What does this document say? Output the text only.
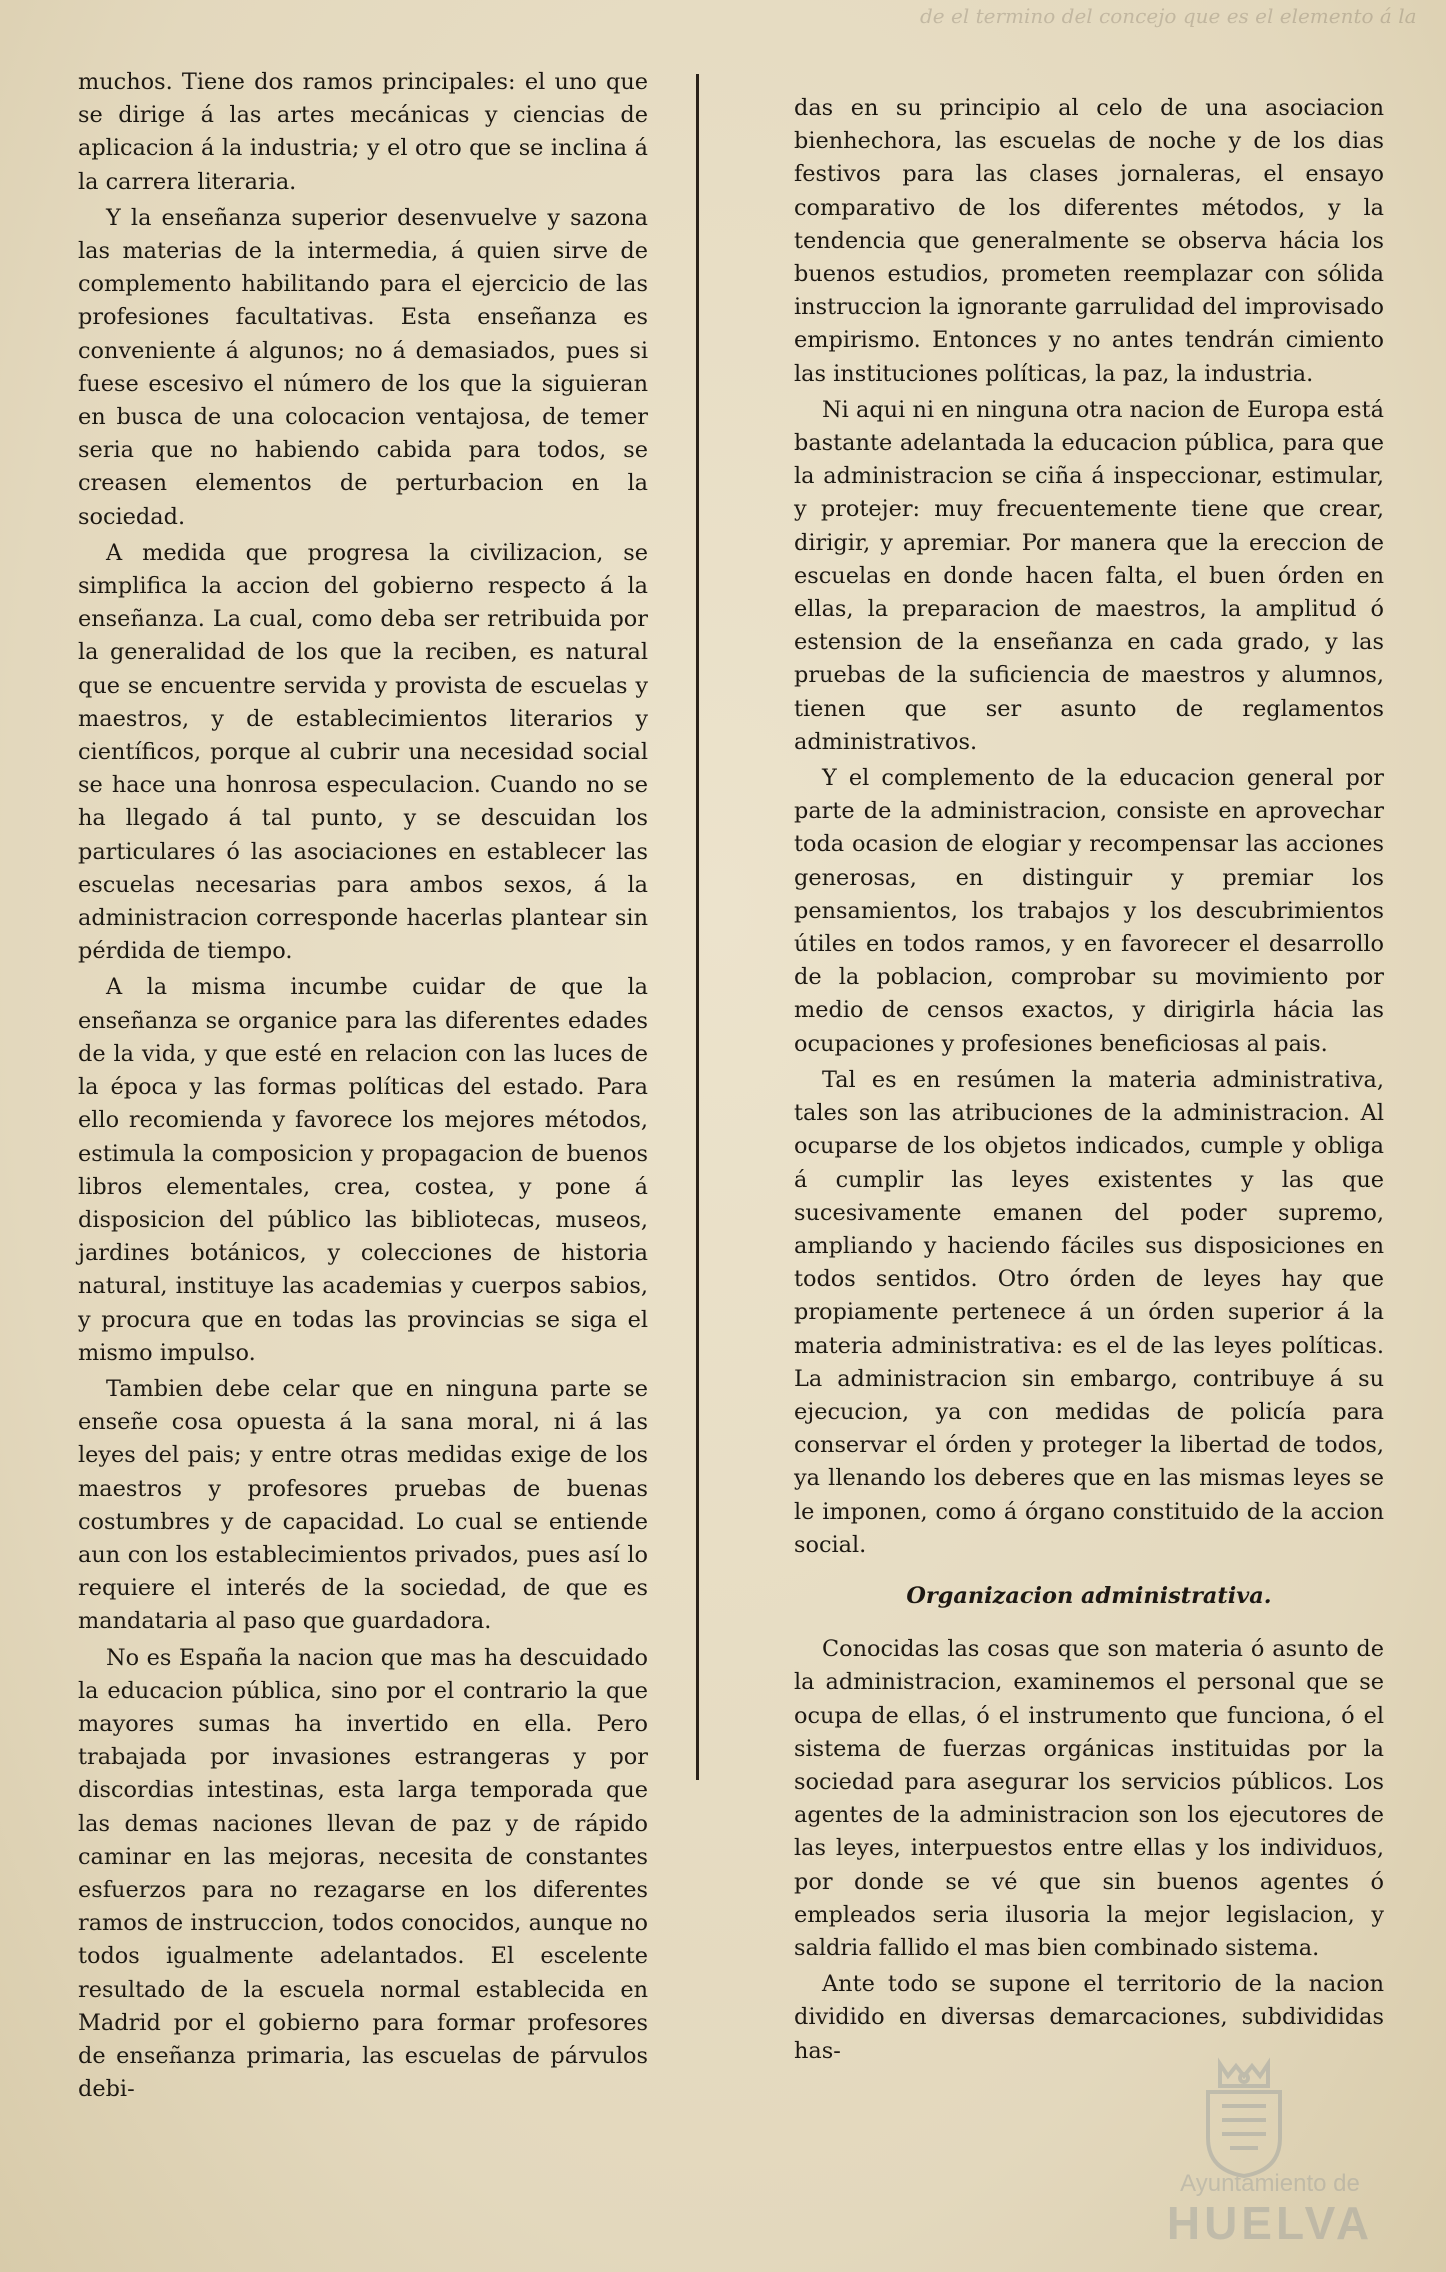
de el termino del concejo que es el elemento á la

muchos. Tiene dos ramos principales: el uno que se dirige á las artes mecánicas y ciencias de aplicacion á la industria; y el otro que se inclina á la carrera literaria.

Y la enseñanza superior desenvuelve y sazona las materias de la intermedia, á quien sirve de complemento habilitando para el ejercicio de las profesiones facultativas. Esta enseñanza es conveniente á algunos; no á demasiados, pues si fuese escesivo el número de los que la siguieran en busca de una colocacion ventajosa, de temer seria que no habiendo cabida para todos, se creasen elementos de perturbacion en la sociedad.

A medida que progresa la civilizacion, se simplifica la accion del gobierno respecto á la enseñanza. La cual, como deba ser retribuida por la generalidad de los que la reciben, es natural que se encuentre servida y provista de escuelas y maestros, y de establecimientos literarios y científicos, porque al cubrir una necesidad social se hace una honrosa especulacion. Cuando no se ha llegado á tal punto, y se descuidan los particulares ó las asociaciones en establecer las escuelas necesarias para ambos sexos, á la administracion corresponde hacerlas plantear sin pérdida de tiempo.

A la misma incumbe cuidar de que la enseñanza se organice para las diferentes edades de la vida, y que esté en relacion con las luces de la época y las formas políticas del estado. Para ello recomienda y favorece los mejores métodos, estimula la composicion y propagacion de buenos libros elementales, crea, costea, y pone á disposicion del público las bibliotecas, museos, jardines botánicos, y colecciones de historia natural, instituye las academias y cuerpos sabios, y procura que en todas las provincias se siga el mismo impulso.

Tambien debe celar que en ninguna parte se enseñe cosa opuesta á la sana moral, ni á las leyes del pais; y entre otras medidas exige de los maestros y profesores pruebas de buenas costumbres y de capacidad. Lo cual se entiende aun con los establecimientos privados, pues así lo requiere el interés de la sociedad, de que es mandataria al paso que guardadora.

No es España la nacion que mas ha descuidado la educacion pública, sino por el contrario la que mayores sumas ha invertido en ella. Pero trabajada por invasiones estrangeras y por discordias intestinas, esta larga temporada que las demas naciones llevan de paz y de rápido caminar en las mejoras, necesita de constantes esfuerzos para no rezagarse en los diferentes ramos de instruccion, todos conocidos, aunque no todos igualmente adelantados. El escelente resultado de la escuela normal establecida en Madrid por el gobierno para formar profesores de enseñanza primaria, las escuelas de párvulos debi-

das en su principio al celo de una asociacion bienhechora, las escuelas de noche y de los dias festivos para las clases jornaleras, el ensayo comparativo de los diferentes métodos, y la tendencia que generalmente se observa hácia los buenos estudios, prometen reemplazar con sólida instruccion la ignorante garrulidad del improvisado empirismo. Entonces y no antes tendrán cimiento las instituciones políticas, la paz, la industria.

Ni aqui ni en ninguna otra nacion de Europa está bastante adelantada la educacion pública, para que la administracion se ciña á inspeccionar, estimular, y protejer: muy frecuentemente tiene que crear, dirigir, y apremiar. Por manera que la ereccion de escuelas en donde hacen falta, el buen órden en ellas, la preparacion de maestros, la amplitud ó estension de la enseñanza en cada grado, y las pruebas de la suficiencia de maestros y alumnos, tienen que ser asunto de reglamentos administrativos.

Y el complemento de la educacion general por parte de la administracion, consiste en aprovechar toda ocasion de elogiar y recompensar las acciones generosas, en distinguir y premiar los pensamientos, los trabajos y los descubrimientos útiles en todos ramos, y en favorecer el desarrollo de la poblacion, comprobar su movimiento por medio de censos exactos, y dirigirla hácia las ocupaciones y profesiones beneficiosas al pais.

Tal es en resúmen la materia administrativa, tales son las atribuciones de la administracion. Al ocuparse de los objetos indicados, cumple y obliga á cumplir las leyes existentes y las que sucesivamente emanen del poder supremo, ampliando y haciendo fáciles sus disposiciones en todos sentidos. Otro órden de leyes hay que propiamente pertenece á un órden superior á la materia administrativa: es el de las leyes políticas. La administracion sin embargo, contribuye á su ejecucion, ya con medidas de policía para conservar el órden y proteger la libertad de todos, ya llenando los deberes que en las mismas leyes se le imponen, como á órgano constituido de la accion social.

Organizacion administrativa.

Conocidas las cosas que son materia ó asunto de la administracion, examinemos el personal que se ocupa de ellas, ó el instrumento que funciona, ó el sistema de fuerzas orgánicas instituidas por la sociedad para asegurar los servicios públicos. Los agentes de la administracion son los ejecutores de las leyes, interpuestos entre ellas y los individuos, por donde se vé que sin buenos agentes ó empleados seria ilusoria la mejor legislacion, y saldria fallido el mas bien combinado sistema.

Ante todo se supone el territorio de la nacion dividido en diversas demarcaciones, subdivididas has-

Ayuntamiento de
HUELVA
